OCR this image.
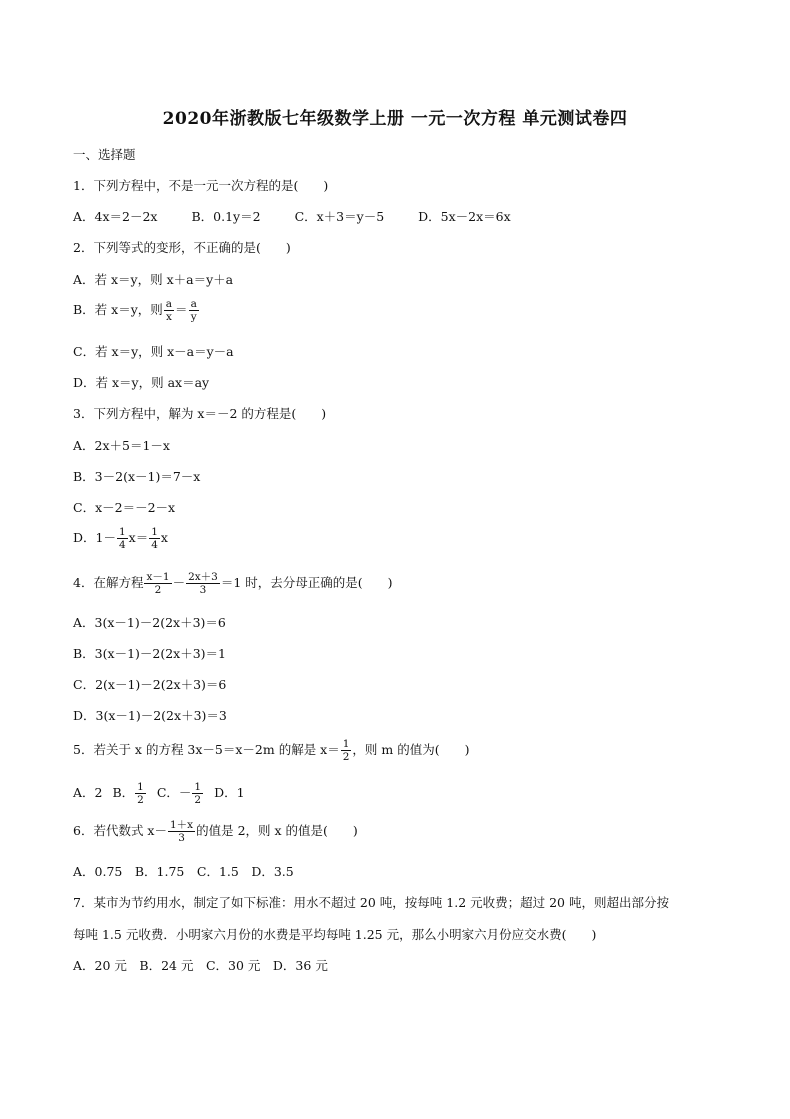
2020年浙教版七年级数学上册 一元一次方程 单元测试卷四
一、选择题
1．下列方程中，不是一元一次方程的是(　　)
A．4x＝2－2x	B．0.1y＝2	C．x＋3＝y－5	D．5x－2x＝6x
2．下列等式的变形，不正确的是(　　)
A．若 x＝y，则 x＋a＝y＋a
B．若 x＝y，则 $\frac{a}{x} = \frac{a}{y}$
C．若 x＝y，则 x－a＝y－a
D．若 x＝y，则 ax＝ay
3．下列方程中，解为 x＝－2 的方程是(　　)
A．2x＋5＝1－x
B．3－2(x－1)＝7－x
C．x－2＝－2－x
D．$1- \frac{1}{4} x= \frac{1}{4}$ x
4．在解方程 $\frac{x-1}{2} - \frac{2x+3}{3} =1$ 时，去分母正确的是(　　)
A．3(x－1)－2(2x＋3)＝6
B．3(x－1)－2(2x＋3)＝1
C．2(x－1)－2(2x＋3)＝6
D．3(x－1)－2(2x＋3)＝3
5．若关于 x 的方程 3x－5＝x－2m 的解是 $x= \frac{1}{2}$ ，则 m 的值为(　　)
A．2 B． $\frac{1}{2}$ C．－ $\frac{1}{2}$ D．1
6．若代数式 $x- \frac{1+x}{3}$ 的值是 2，则 x 的值是(　　)
A．0.75　B．1.75　C．1.5　D．3.5
7．某市为节约用水，制定了如下标准：用水不超过 20 吨，按每吨 1.2 元收费；超过 20 吨，则超出部分按
每吨 1.5 元收费．小明家六月份的水费是平均每吨 1.25 元，那么小明家六月份应交水费(　　)
A．20 元　B．24 元　C．30 元　D．36 元
